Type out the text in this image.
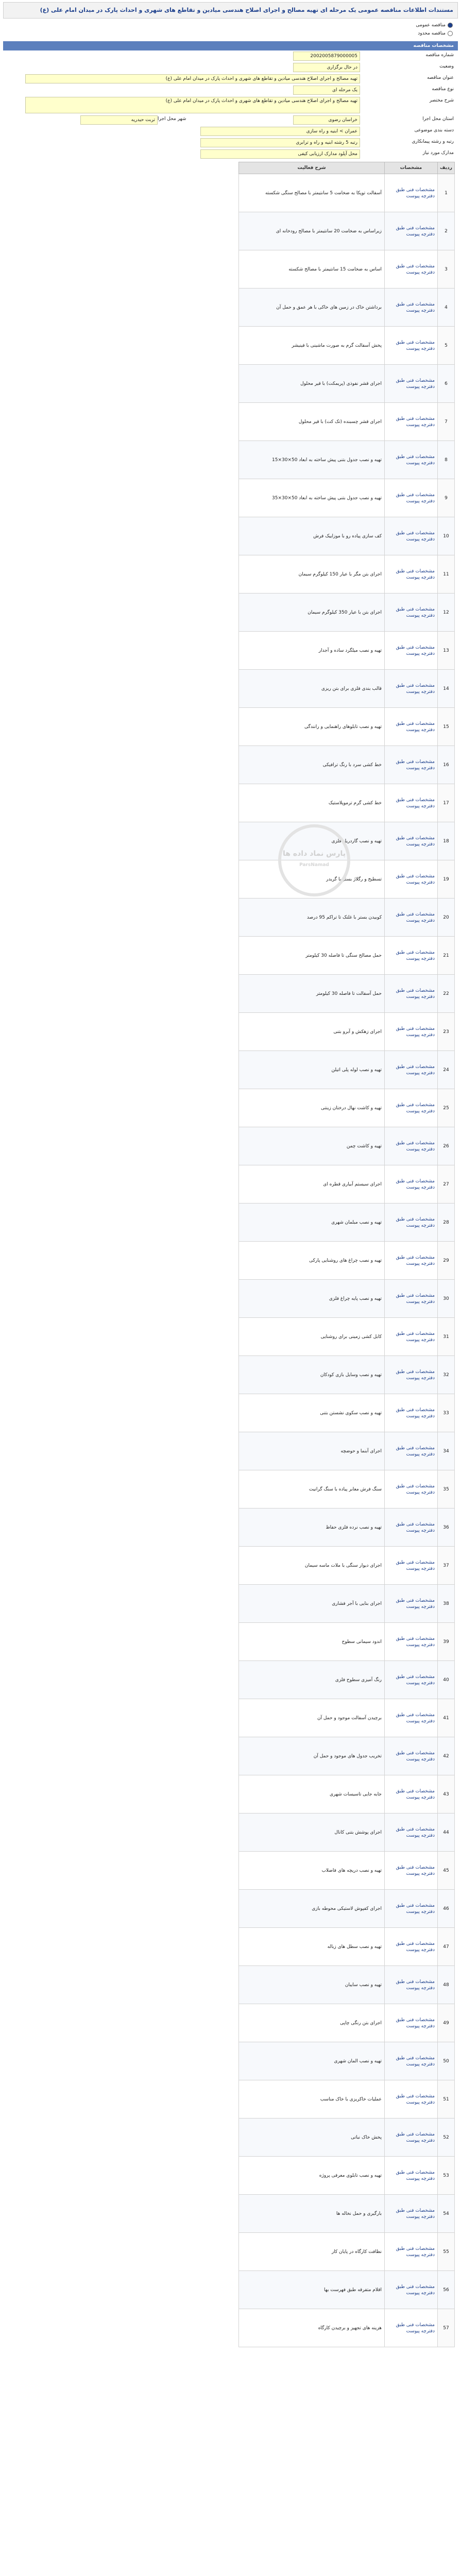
مستندات اطلاعات مناقصه عمومی یک مرحله ای تهیه مصالح و اجرای اصلاح هندسی میادین و تقاطع های شهری و احداث پارک در میدان امام علی (ع)
مناقصه عمومی
مناقصه محدود
مشخصات مناقصه
شماره مناقصه
2002005879000005
وضعیت
در حال برگزاری
عنوان مناقصه
تهیه مصالح و اجرای اصلاح هندسی میادین و تقاطع های شهری و احداث پارک در میدان امام علی (ع)
نوع مناقصه
یک مرحله ای
شرح مختصر
تهیه مصالح و اجرای اصلاح هندسی میادین و تقاطع های شهری و احداث پارک در میدان امام علی (ع)
استان محل اجرا
خراسان رضوی
شهر محل اجرا
تربت حیدریه
دسته بندی موضوعی
عمران > ابنیه و راه سازی
رتبه و رشته پیمانکاری
رتبه 5 رشته ابنیه و راه و ترابری
مدارک مورد نیاز
محل آپلود مدارک ارزیابی کیفی
ردیف	مشخصات	شرح فعالیت
1	مشخصات فنی طبق دفترچه پیوست	آسفالت توپکا به ضخامت 5 سانتیمتر با مصالح سنگی شکسته
2	مشخصات فنی طبق دفترچه پیوست	زیراساس به ضخامت 20 سانتیمتر با مصالح رودخانه ای
3	مشخصات فنی طبق دفترچه پیوست	اساس به ضخامت 15 سانتیمتر با مصالح شکسته
4	مشخصات فنی طبق دفترچه پیوست	برداشتن خاک در زمین های خاکی با هر عمق و حمل آن
5	مشخصات فنی طبق دفترچه پیوست	پخش آسفالت گرم به صورت ماشینی با فینیشر
6	مشخصات فنی طبق دفترچه پیوست	اجرای قشر نفوذی (پریمکت) با قیر محلول
7	مشخصات فنی طبق دفترچه پیوست	اجرای قشر چسبنده (تک کت) با قیر محلول
8	مشخصات فنی طبق دفترچه پیوست	تهیه و نصب جدول بتنی پیش ساخته به ابعاد 50×30×15
9	مشخصات فنی طبق دفترچه پیوست	تهیه و نصب جدول بتنی پیش ساخته به ابعاد 50×30×35
10	مشخصات فنی طبق دفترچه پیوست	کف سازی پیاده رو با موزاییک فرش
11	مشخصات فنی طبق دفترچه پیوست	اجرای بتن مگر با عیار 150 کیلوگرم سیمان
12	مشخصات فنی طبق دفترچه پیوست	اجرای بتن با عیار 350 کیلوگرم سیمان
13	مشخصات فنی طبق دفترچه پیوست	تهیه و نصب میلگرد ساده و آجدار
14	مشخصات فنی طبق دفترچه پیوست	قالب بندی فلزی برای بتن ریزی
15	مشخصات فنی طبق دفترچه پیوست	تهیه و نصب تابلوهای راهنمایی و رانندگی
16	مشخصات فنی طبق دفترچه پیوست	خط کشی سرد با رنگ ترافیکی
17	مشخصات فنی طبق دفترچه پیوست	خط کشی گرم ترموپلاستیک
18	مشخصات فنی طبق دفترچه پیوست	تهیه و نصب گاردریل فلزی
19	مشخصات فنی طبق دفترچه پیوست	تسطیح و رگلاژ بستر با گریدر
20	مشخصات فنی طبق دفترچه پیوست	کوبیدن بستر با غلتک تا تراکم 95 درصد
21	مشخصات فنی طبق دفترچه پیوست	حمل مصالح سنگی تا فاصله 30 کیلومتر
22	مشخصات فنی طبق دفترچه پیوست	حمل آسفالت تا فاصله 30 کیلومتر
23	مشخصات فنی طبق دفترچه پیوست	اجرای زهکش و آبرو بتنی
24	مشخصات فنی طبق دفترچه پیوست	تهیه و نصب لوله پلی اتیلن
25	مشخصات فنی طبق دفترچه پیوست	تهیه و کاشت نهال درختان زینتی
26	مشخصات فنی طبق دفترچه پیوست	تهیه و کاشت چمن
27	مشخصات فنی طبق دفترچه پیوست	اجرای سیستم آبیاری قطره ای
28	مشخصات فنی طبق دفترچه پیوست	تهیه و نصب مبلمان شهری
29	مشخصات فنی طبق دفترچه پیوست	تهیه و نصب چراغ های روشنایی پارکی
30	مشخصات فنی طبق دفترچه پیوست	تهیه و نصب پایه چراغ فلزی
31	مشخصات فنی طبق دفترچه پیوست	کابل کشی زمینی برای روشنایی
32	مشخصات فنی طبق دفترچه پیوست	تهیه و نصب وسایل بازی کودکان
33	مشخصات فنی طبق دفترچه پیوست	تهیه و نصب سکوی نشستن بتنی
34	مشخصات فنی طبق دفترچه پیوست	اجرای آبنما و حوضچه
35	مشخصات فنی طبق دفترچه پیوست	سنگ فرش معابر پیاده با سنگ گرانیت
36	مشخصات فنی طبق دفترچه پیوست	تهیه و نصب نرده فلزی حفاظ
37	مشخصات فنی طبق دفترچه پیوست	اجرای دیوار سنگی با ملات ماسه سیمان
38	مشخصات فنی طبق دفترچه پیوست	اجرای بنایی با آجر فشاری
39	مشخصات فنی طبق دفترچه پیوست	اندود سیمانی سطوح
40	مشخصات فنی طبق دفترچه پیوست	رنگ آمیزی سطوح فلزی
41	مشخصات فنی طبق دفترچه پیوست	برچیدن آسفالت موجود و حمل آن
42	مشخصات فنی طبق دفترچه پیوست	تخریب جدول های موجود و حمل آن
43	مشخصات فنی طبق دفترچه پیوست	جابه جایی تاسیسات شهری
44	مشخصات فنی طبق دفترچه پیوست	اجرای پوشش بتنی کانال
45	مشخصات فنی طبق دفترچه پیوست	تهیه و نصب دریچه های فاضلاب
46	مشخصات فنی طبق دفترچه پیوست	اجرای کفپوش لاستیکی محوطه بازی
47	مشخصات فنی طبق دفترچه پیوست	تهیه و نصب سطل های زباله
48	مشخصات فنی طبق دفترچه پیوست	تهیه و نصب سایبان
49	مشخصات فنی طبق دفترچه پیوست	اجرای بتن رنگی چاپی
50	مشخصات فنی طبق دفترچه پیوست	تهیه و نصب المان شهری
51	مشخصات فنی طبق دفترچه پیوست	عملیات خاکریزی با خاک مناسب
52	مشخصات فنی طبق دفترچه پیوست	پخش خاک نباتی
53	مشخصات فنی طبق دفترچه پیوست	تهیه و نصب تابلوی معرفی پروژه
54	مشخصات فنی طبق دفترچه پیوست	بارگیری و حمل نخاله ها
55	مشخصات فنی طبق دفترچه پیوست	نظافت کارگاه در پایان کار
56	مشخصات فنی طبق دفترچه پیوست	اقلام متفرقه طبق فهرست بها
57	مشخصات فنی طبق دفترچه پیوست	هزینه های تجهیز و برچیدن کارگاه
پارس نماد داده ها
ParsNamad
